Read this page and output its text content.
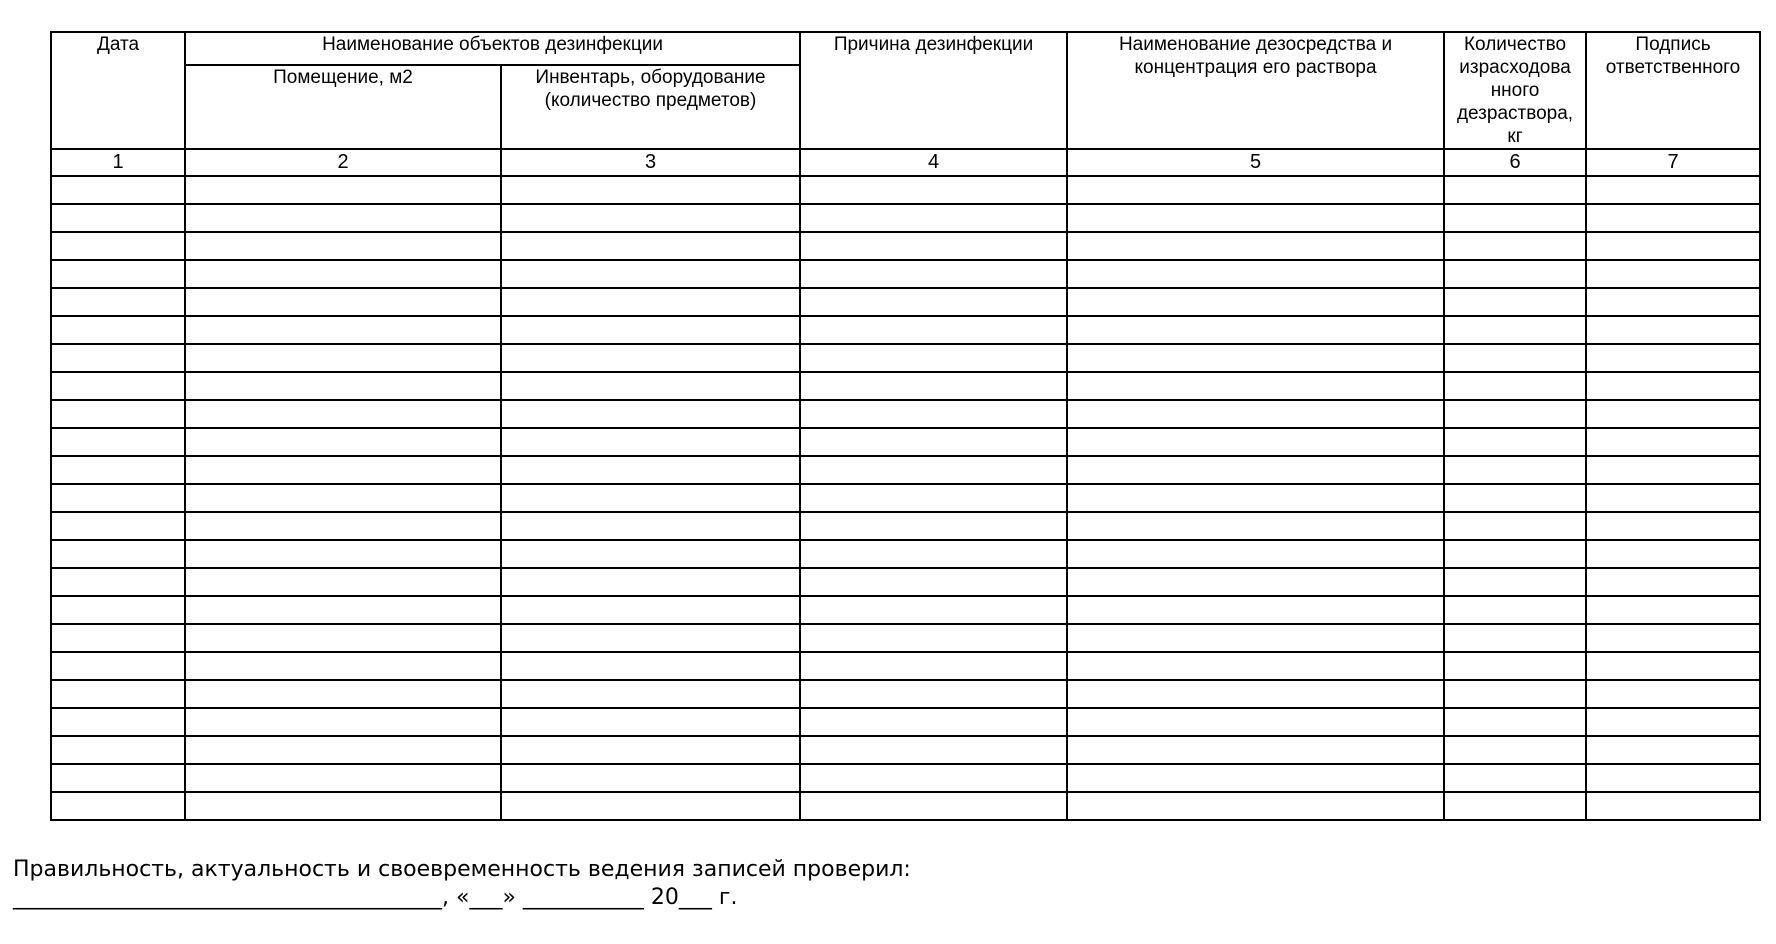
Дата	Наименование объектов дезинфекции		Причина дезинфекции	Наименование дезосредства и
концентрация его раствора	Количество
израсходова
нного
дезраствора,
кг	Подпись
ответственного
	Помещение, м2	Инвентарь, оборудование
(количество предметов)				
1	2	3	4	5	6	7

Правильность, актуальность и своевременность ведения записей проверил:
_______________________________________, «___» ___________ 20___ г.
